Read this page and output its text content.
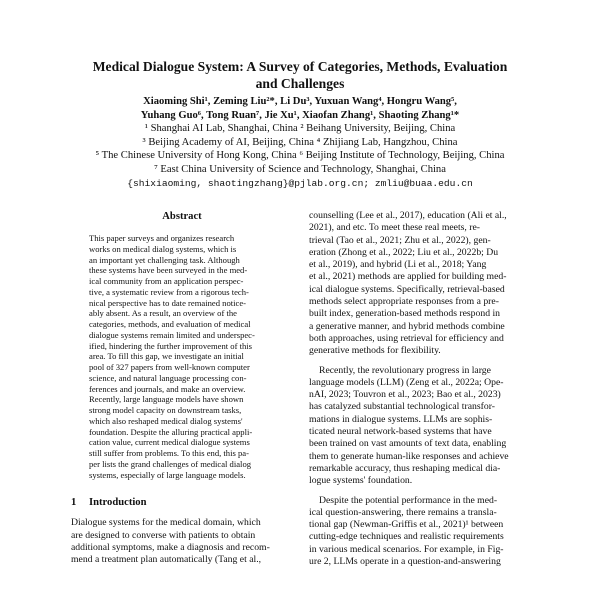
Medical Dialogue System: A Survey of Categories, Methods, Evaluation
and Challenges
Xiaoming Shi¹, Zeming Liu²*, Li Du³, Yuxuan Wang⁴, Hongru Wang⁵,
Yuhang Guo⁶, Tong Ruan⁷, Jie Xu¹, Xiaofan Zhang¹, Shaoting Zhang¹*
¹ Shanghai AI Lab, Shanghai, China ² Beihang University, Beijing, China
³ Beijing Academy of AI, Beijing, China ⁴ Zhijiang Lab, Hangzhou, China
⁵ The Chinese University of Hong Kong, China ⁶ Beijing Institute of Technology, Beijing, China
⁷ East China University of Science and Technology, Shanghai, China
{shixiaoming, shaotingzhang}@pjlab.org.cn; zmliu@buaa.edu.cn
Abstract
This paper surveys and organizes research
works on medical dialog systems, which is
an important yet challenging task. Although
these systems have been surveyed in the med-
ical community from an application perspec-
tive, a systematic review from a rigorous tech-
nical perspective has to date remained notice-
ably absent. As a result, an overview of the
categories, methods, and evaluation of medical
dialogue systems remain limited and underspec-
ified, hindering the further improvement of this
area. To fill this gap, we investigate an initial
pool of 327 papers from well-known computer
science, and natural language processing con-
ferences and journals, and make an overview.
Recently, large language models have shown
strong model capacity on downstream tasks,
which also reshaped medical dialog systems'
foundation. Despite the alluring practical appli-
cation value, current medical dialogue systems
still suffer from problems. To this end, this pa-
per lists the grand challenges of medical dialog
systems, especially of large language models.
1 Introduction
Dialogue systems for the medical domain, which
are designed to converse with patients to obtain
additional symptoms, make a diagnosis and recom-
mend a treatment plan automatically (Tang et al.,
counselling (Lee et al., 2017), education (Ali et al.,
2021), and etc. To meet these real meets, re-
trieval (Tao et al., 2021; Zhu et al., 2022), gen-
eration (Zhong et al., 2022; Liu et al., 2022b; Du
et al., 2019), and hybrid (Li et al., 2018; Yang
et al., 2021) methods are applied for building med-
ical dialogue systems. Specifically, retrieval-based
methods select appropriate responses from a pre-
built index, generation-based methods respond in
a generative manner, and hybrid methods combine
both approaches, using retrieval for efficiency and
generative methods for flexibility.
Recently, the revolutionary progress in large
language models (LLM) (Zeng et al., 2022a; Ope-
nAI, 2023; Touvron et al., 2023; Bao et al., 2023)
has catalyzed substantial technological transfor-
mations in dialogue systems. LLMs are sophis-
ticated neural network-based systems that have
been trained on vast amounts of text data, enabling
them to generate human-like responses and achieve
remarkable accuracy, thus reshaping medical dia-
logue systems' foundation.
Despite the potential performance in the med-
ical question-answering, there remains a transla-
tional gap (Newman-Griffis et al., 2021)¹ between
cutting-edge techniques and realistic requirements
in various medical scenarios. For example, in Fig-
ure 2, LLMs operate in a question-and-answering
